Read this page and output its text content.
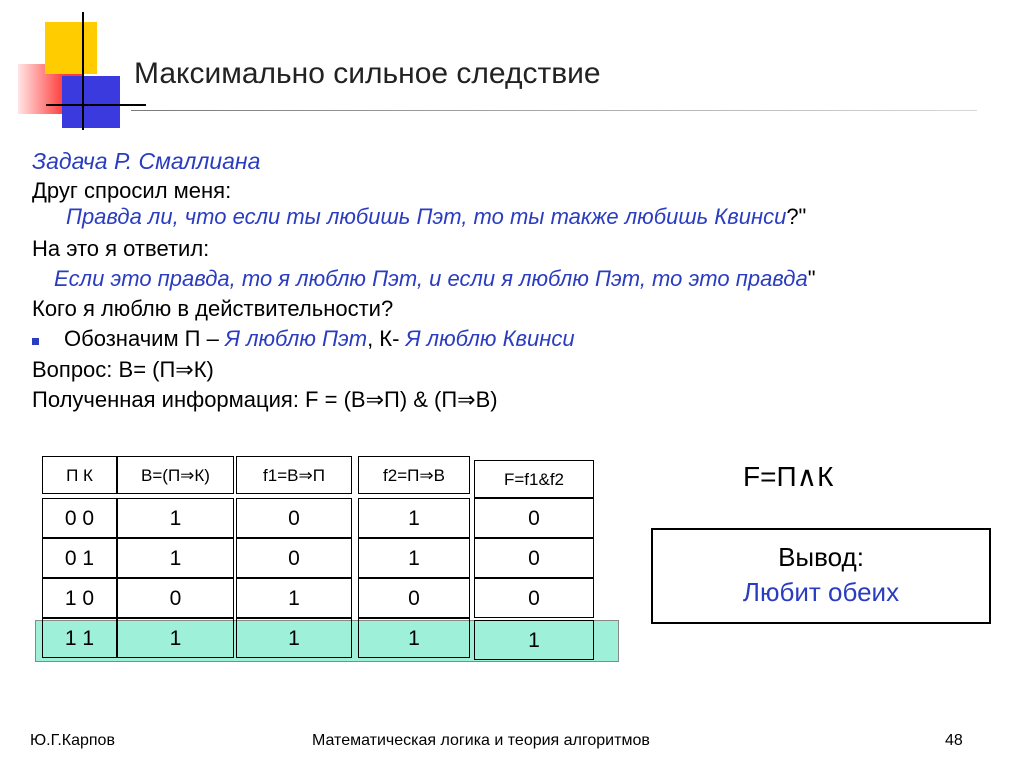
Максимально сильное следствие
Задача Р. Смаллиана
Друг спросил меня:
Правда ли, что если ты любишь Пэт, то ты также любишь Квинси?"
На это я ответил:
Если это правда, то я люблю Пэт, и если я люблю Пэт, то это правда"
Кого я люблю в действительности?
Обозначим П – Я люблю Пэт, К- Я люблю Квинси
Вопрос: B= (П⇒К)
Полученная информация: F = (B⇒П) & (П⇒B)
П К	B=(П⇒К)	f1=B⇒П	f2=П⇒B	F=f1&f2
0 0	1	0	1	0
0 1	1	0	1	0
1 0	0	1	0	0
1 1	1	1	1	1
F=П∧К
Вывод:
Любит обеих
Ю.Г.Карпов	Математическая логика и теория алгоритмов	48
